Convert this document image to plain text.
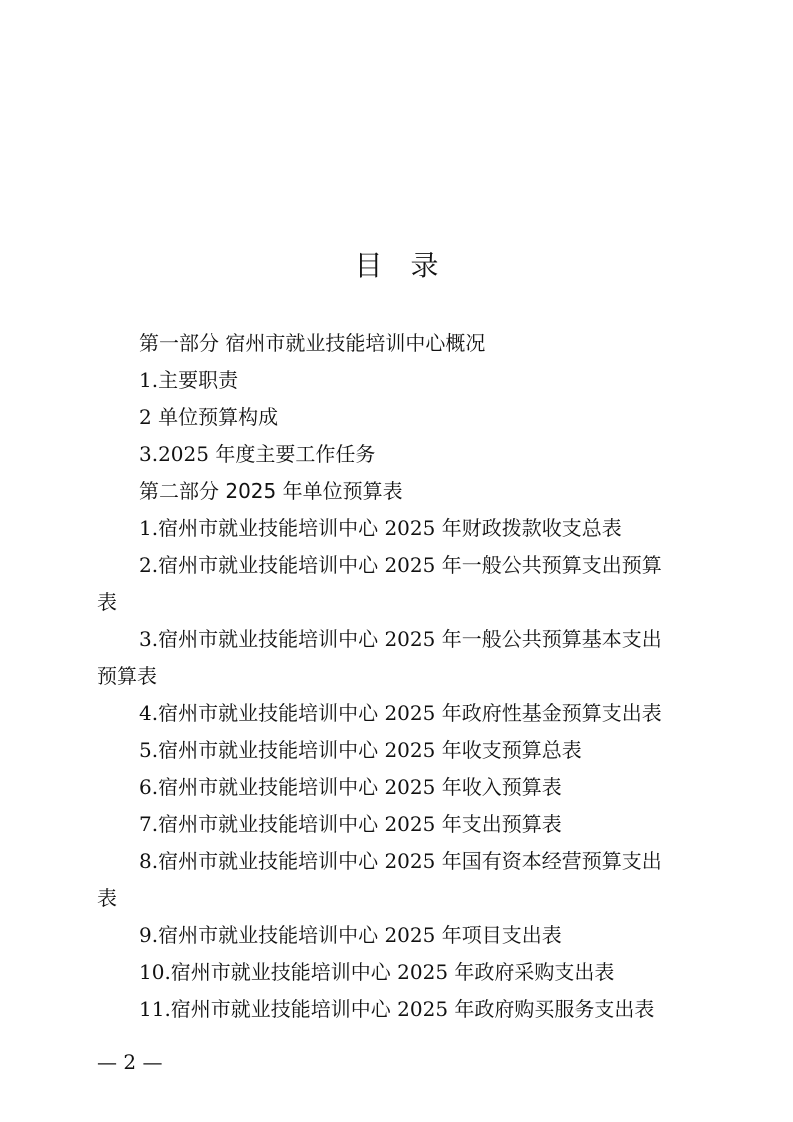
目录
第一部分 宿州市就业技能培训中心概况
1.主要职责
2 单位预算构成
3.2025 年度主要工作任务
第二部分 2025 年单位预算表
1.宿州市就业技能培训中心 2025 年财政拨款收支总表
2.宿州市就业技能培训中心 2025 年一般公共预算支出预算
表
3.宿州市就业技能培训中心 2025 年一般公共预算基本支出
预算表
4.宿州市就业技能培训中心 2025 年政府性基金预算支出表
5.宿州市就业技能培训中心 2025 年收支预算总表
6.宿州市就业技能培训中心 2025 年收入预算表
7.宿州市就业技能培训中心 2025 年支出预算表
8.宿州市就业技能培训中心 2025 年国有资本经营预算支出
表
9.宿州市就业技能培训中心 2025 年项目支出表
10.宿州市就业技能培训中心 2025 年政府采购支出表
11.宿州市就业技能培训中心 2025 年政府购买服务支出表
— 2 —
